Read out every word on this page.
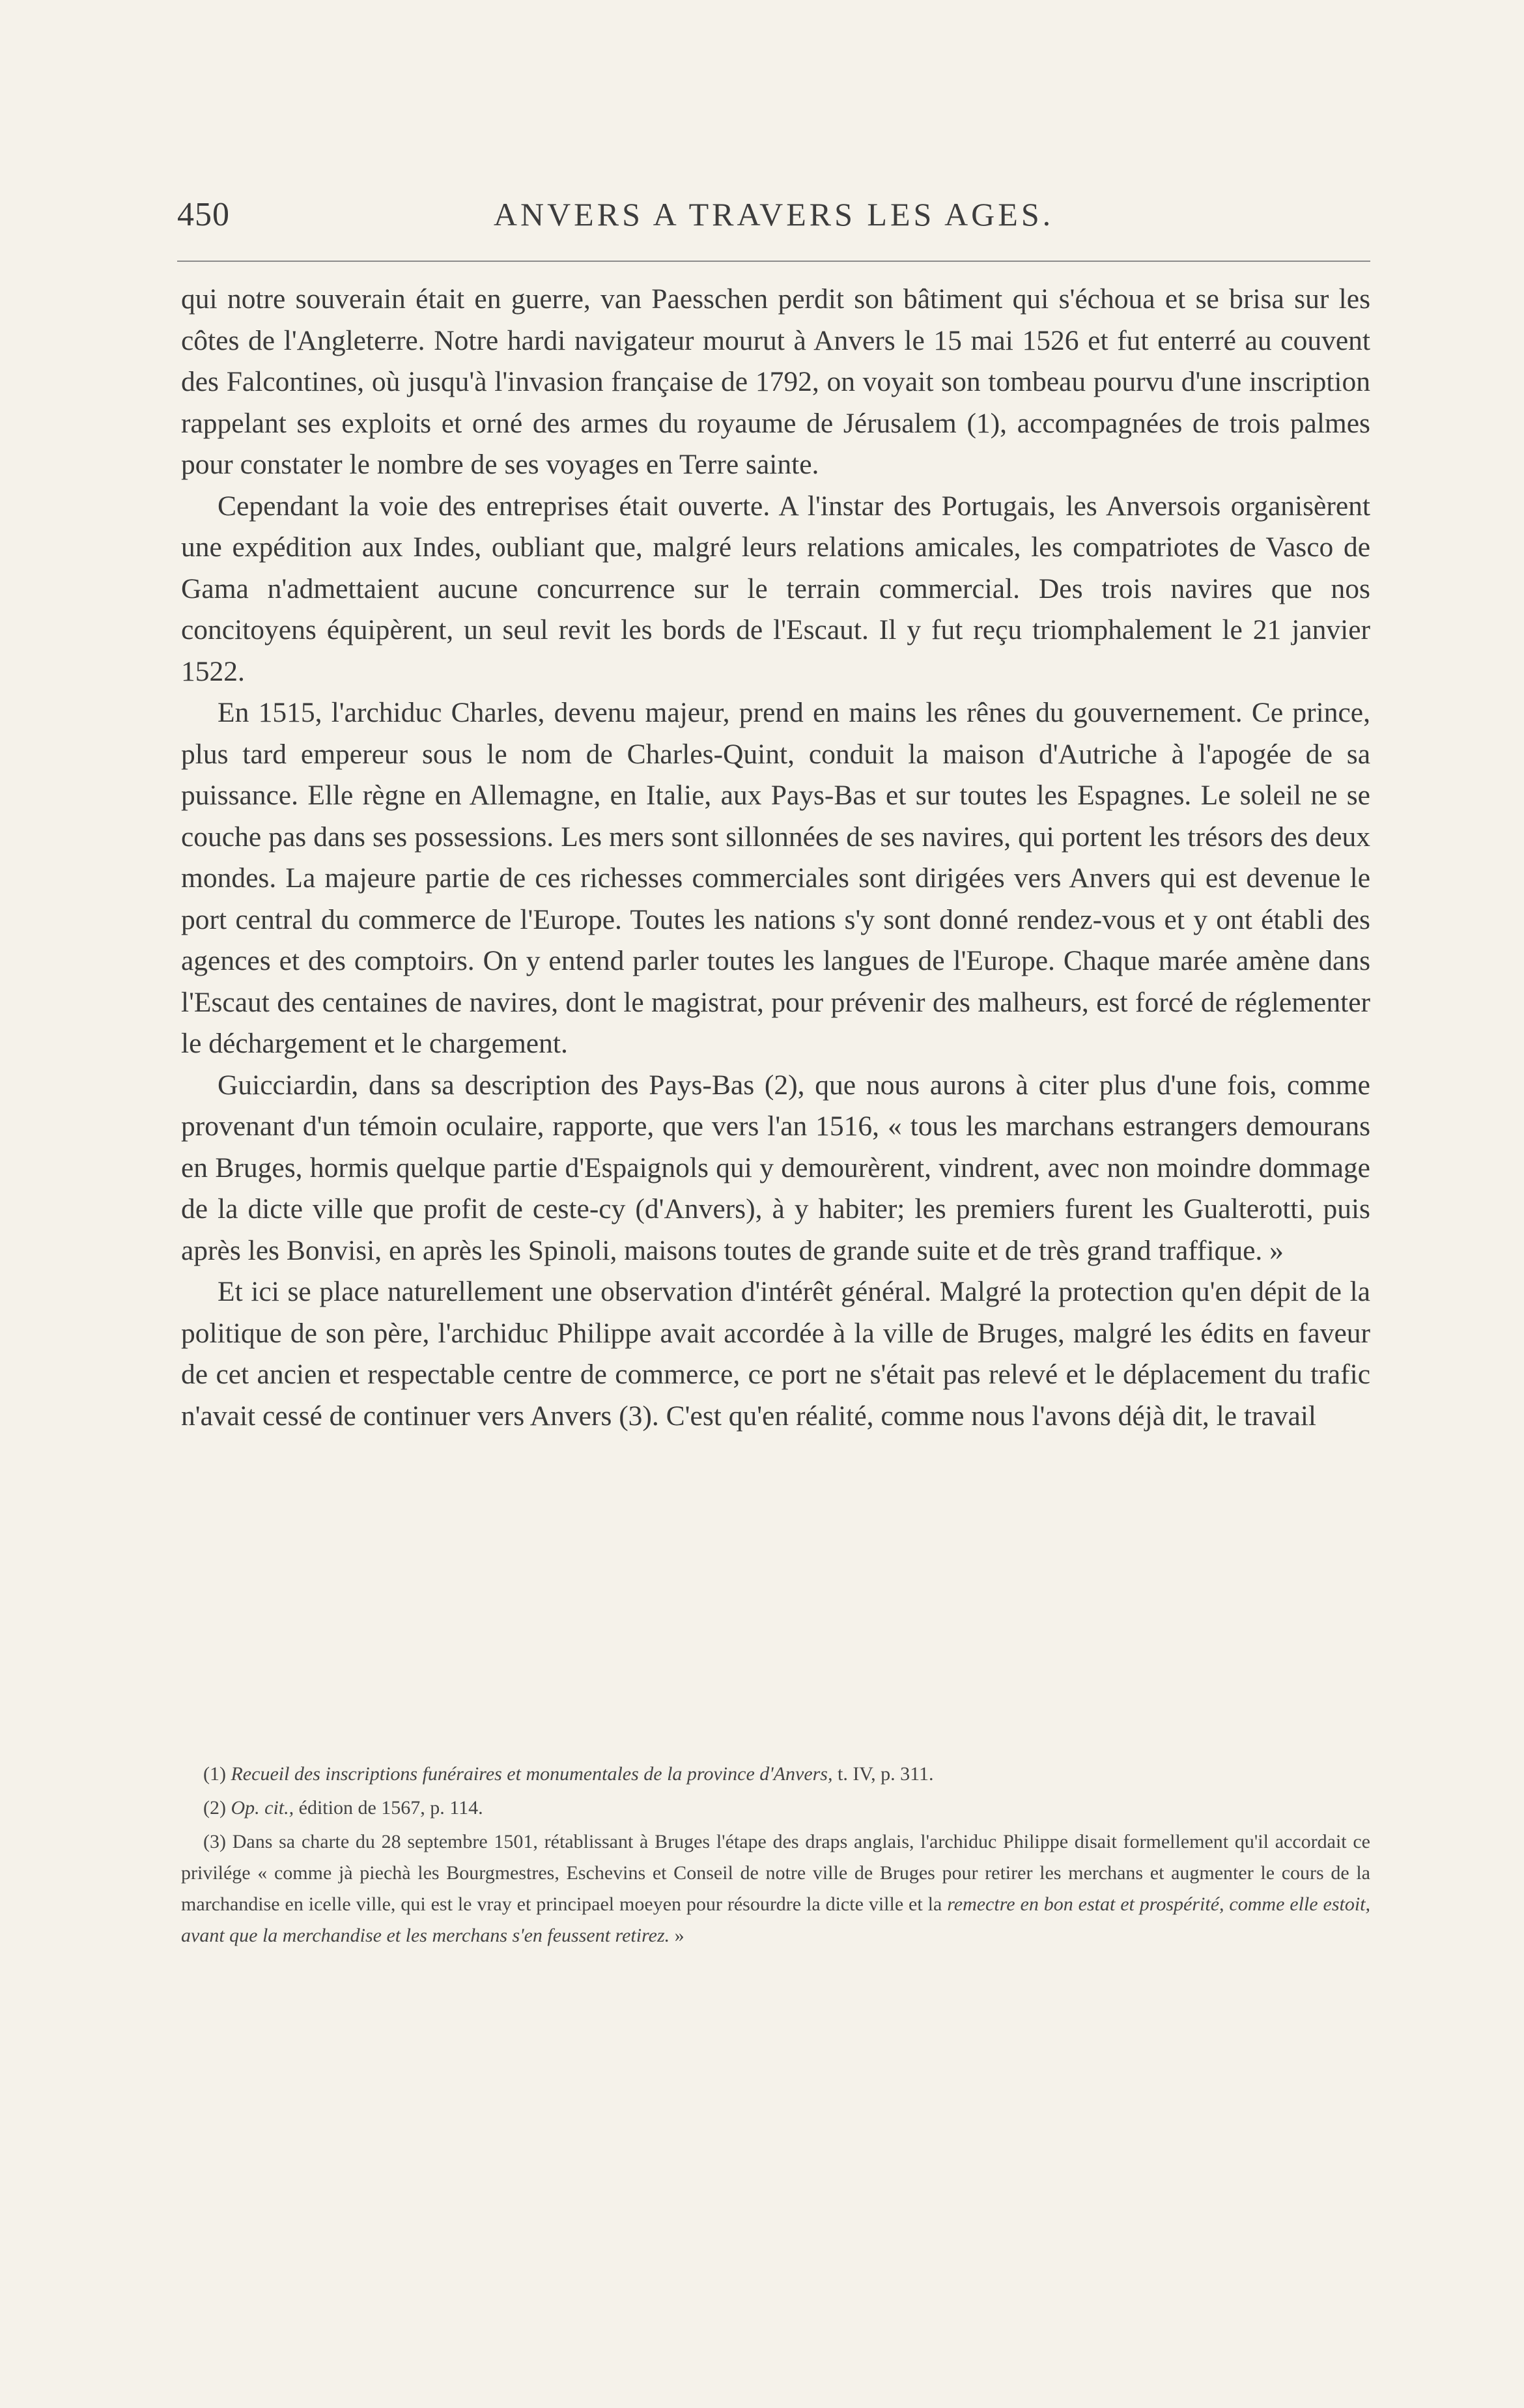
450	ANVERS A TRAVERS LES AGES.

qui notre souverain était en guerre, van Paesschen perdit son bâtiment qui s'échoua et se brisa sur les côtes de l'Angleterre. Notre hardi navigateur mourut à Anvers le 15 mai 1526 et fut enterré au couvent des Falcontines, où jusqu'à l'invasion française de 1792, on voyait son tombeau pourvu d'une inscription rappelant ses exploits et orné des armes du royaume de Jérusalem (1), accompagnées de trois palmes pour constater le nombre de ses voyages en Terre sainte.

Cependant la voie des entreprises était ouverte. A l'instar des Portugais, les Anversois organisèrent une expédition aux Indes, oubliant que, malgré leurs relations amicales, les compatriotes de Vasco de Gama n'admettaient aucune concurrence sur le terrain commercial. Des trois navires que nos concitoyens équipèrent, un seul revit les bords de l'Escaut. Il y fut reçu triomphalement le 21 janvier 1522.

En 1515, l'archiduc Charles, devenu majeur, prend en mains les rênes du gouvernement. Ce prince, plus tard empereur sous le nom de Charles-Quint, conduit la maison d'Autriche à l'apogée de sa puissance. Elle règne en Allemagne, en Italie, aux Pays-Bas et sur toutes les Espagnes. Le soleil ne se couche pas dans ses possessions. Les mers sont sillonnées de ses navires, qui portent les trésors des deux mondes. La majeure partie de ces richesses commerciales sont dirigées vers Anvers qui est devenue le port central du commerce de l'Europe. Toutes les nations s'y sont donné rendez-vous et y ont établi des agences et des comptoirs. On y entend parler toutes les langues de l'Europe. Chaque marée amène dans l'Escaut des centaines de navires, dont le magistrat, pour prévenir des malheurs, est forcé de réglementer le déchargement et le chargement.

Guicciardin, dans sa description des Pays-Bas (2), que nous aurons à citer plus d'une fois, comme provenant d'un témoin oculaire, rapporte, que vers l'an 1516, « tous les marchans estrangers demourans en Bruges, hormis quelque partie d'Espaignols qui y demourèrent, vindrent, avec non moindre dommage de la dicte ville que profit de ceste-cy (d'Anvers), à y habiter; les premiers furent les Gualterotti, puis après les Bonvisi, en après les Spinoli, maisons toutes de grande suite et de très grand traffique. »

Et ici se place naturellement une observation d'intérêt général. Malgré la protection qu'en dépit de la politique de son père, l'archiduc Philippe avait accordée à la ville de Bruges, malgré les édits en faveur de cet ancien et respectable centre de commerce, ce port ne s'était pas relevé et le déplacement du trafic n'avait cessé de continuer vers Anvers (3). C'est qu'en réalité, comme nous l'avons déjà dit, le travail

(1) Recueil des inscriptions funéraires et monumentales de la province d'Anvers, t. IV, p. 311.

(2) Op. cit., édition de 1567, p. 114.

(3) Dans sa charte du 28 septembre 1501, rétablissant à Bruges l'étape des draps anglais, l'archiduc Philippe disait formellement qu'il accordait ce privilége « comme jà piechà les Bourgmestres, Eschevins et Conseil de notre ville de Bruges pour retirer les merchans et augmenter le cours de la marchandise en icelle ville, qui est le vray et principael moeyen pour résourdre la dicte ville et la remectre en bon estat et prospérité, comme elle estoit, avant que la merchandise et les merchans s'en feussent retirez. »
